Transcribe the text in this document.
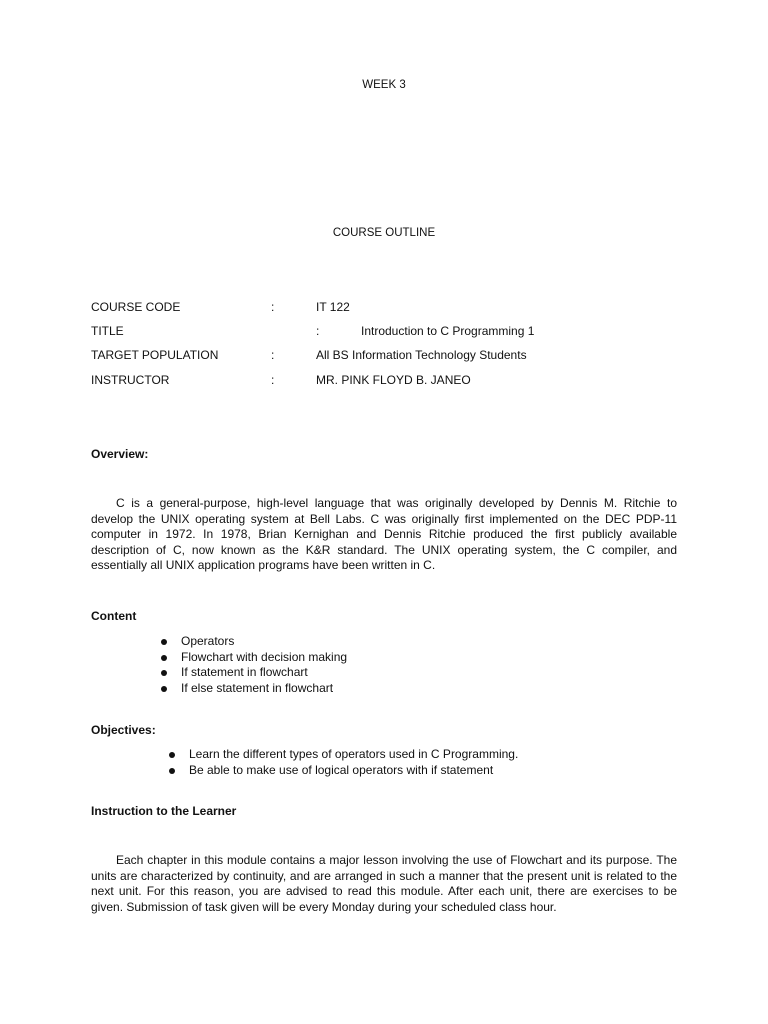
WEEK 3
COURSE OUTLINE
COURSE CODE	:	IT 122
TITLE	:	Introduction to C Programming 1
TARGET POPULATION	:	All BS Information Technology Students
INSTRUCTOR	:	MR. PINK FLOYD B. JANEO
Overview:

C is a general-purpose, high-level language that was originally developed by Dennis M. Ritchie to develop the UNIX operating system at Bell Labs. C was originally first implemented on the DEC PDP-11 computer in 1972. In 1978, Brian Kernighan and Dennis Ritchie produced the first publicly available description of C, now known as the K&R standard. The UNIX operating system, the C compiler, and essentially all UNIX application programs have been written in C.

Content
Operators
Flowchart with decision making
If statement in flowchart
If else statement in flowchart
Objectives:
Learn the different types of operators used in C Programming.
Be able to make use of logical operators with if statement
Instruction to the Learner

Each chapter in this module contains a major lesson involving the use of Flowchart and its purpose. The units are characterized by continuity, and are arranged in such a manner that the present unit is related to the next unit. For this reason, you are advised to read this module. After each unit, there are exercises to be given. Submission of task given will be every Monday during your scheduled class hour.
